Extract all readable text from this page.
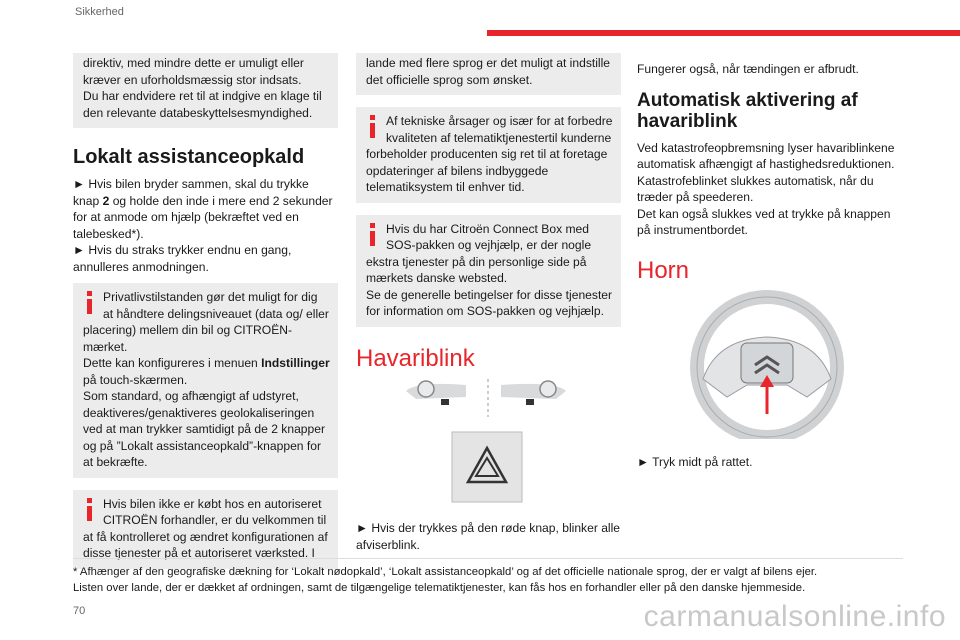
Sikkerhed

direktiv, med mindre dette er umuligt eller

kræver en uforholdsmæssig stor indsats.

Du har endvidere ret til at indgive en klage til

den relevante databeskyttelsesmyndighed.

Lokalt assistanceopkald

► Hvis bilen bryder sammen, skal du trykke knap 2 og holde den inde i mere end 2 sekunder for at anmode om hjælp (bekræftet ved en talebesked*).

► Hvis du straks trykker endnu en gang, annulleres anmodningen.

Privatlivstilstanden gør det muligt for dig at håndtere delingsniveauet (data og/ eller placering) mellem din bil og CITROËN-mærket.

Dette kan konfigureres i menuen Indstillinger på touch-skærmen.

Som standard, og afhængigt af udstyret, deaktiveres/genaktiveres geolokaliseringen ved at man trykker samtidigt på de 2 knapper og på ”Lokalt assistanceopkald”-knappen for at bekræfte.

Hvis bilen ikke er købt hos en autoriseret CITROËN forhandler, er du velkommen til at få kontrolleret og ændret konfigurationen af disse tjenester på et autoriseret værksted. I

lande med flere sprog er det muligt at indstille det officielle sprog som ønsket.

Af tekniske årsager og især for at forbedre kvaliteten af telematiktjenestertil kunderne forbeholder producenten sig ret til at foretage opdateringer af bilens indbyggede telematiksystem til enhver tid.

Hvis du har Citroën Connect Box med SOS-pakken og vejhjælp, er der nogle ekstra tjenester på din personlige side på mærkets danske websted.

Se de generelle betingelser for disse tjenester for information om SOS-pakken og vejhjælp.

Havariblink

► Hvis der trykkes på den røde knap, blinker alle afviserblink.

Fungerer også, når tændingen er afbrudt.

Automatisk aktivering af havariblink

Ved katastrofeopbremsning lyser havariblinkene automatisk afhængigt af hastighedsreduktionen.

Katastrofeblinket slukkes automatisk, når du træder på speederen.

Det kan også slukkes ved at trykke på knappen på instrumentbordet.

Horn

► Tryk midt på rattet.

* Afhænger af den geografiske dækning for ‘Lokalt nødopkald’, ‘Lokalt assistanceopkald’ og af det officielle nationale sprog, der er valgt af bilens ejer.

Listen over lande, der er dækket af ordningen, samt de tilgængelige telematiktjenester, kan fås hos en forhandler eller på den danske hjemmeside.

70	carmanualsonline.info
